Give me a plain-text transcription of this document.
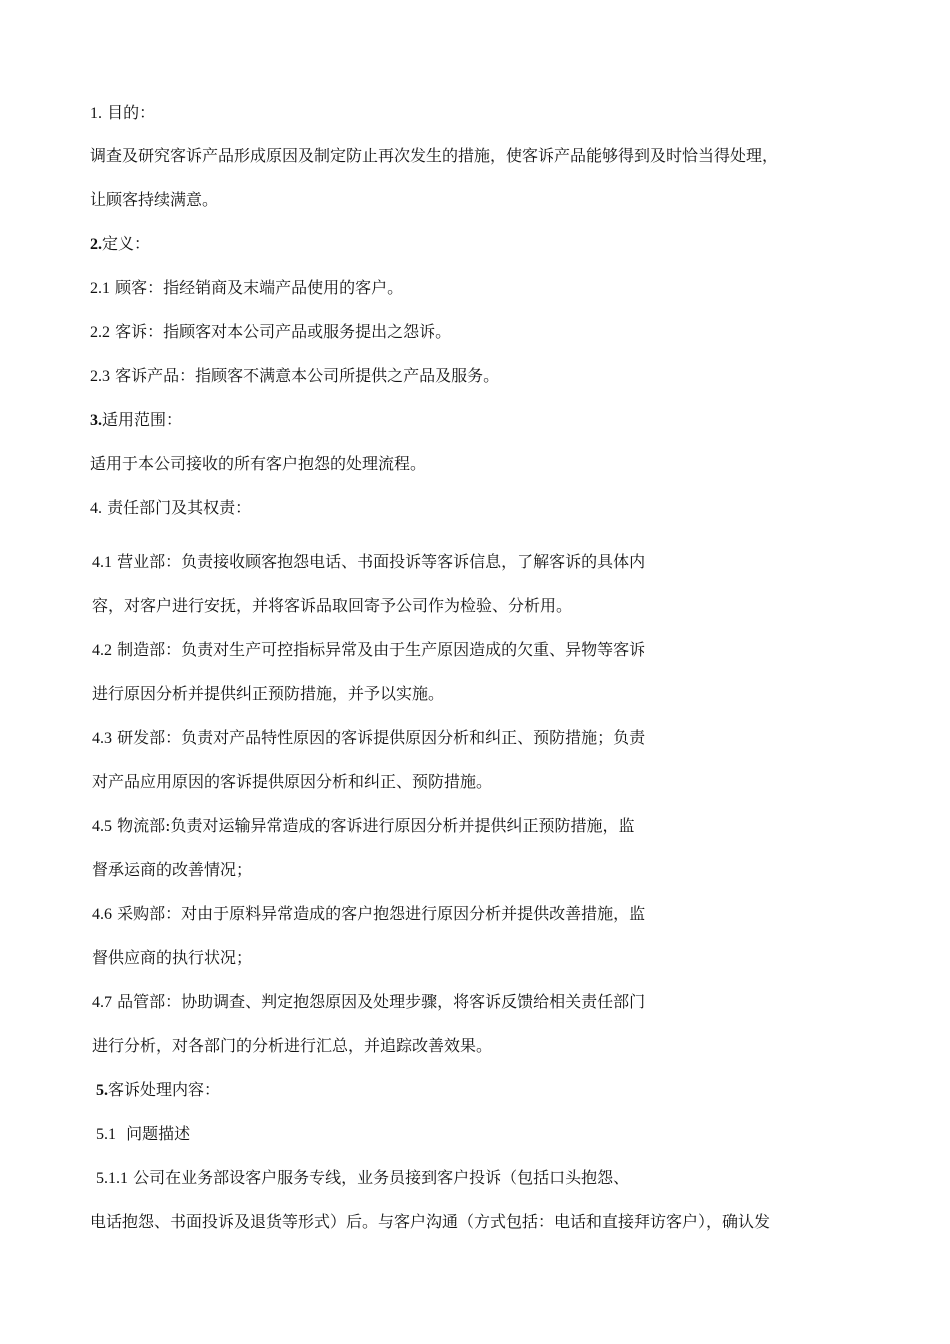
1. 目的：
调查及研究客诉产品形成原因及制定防止再次发生的措施，使客诉产品能够得到及时恰当得处理，
让顾客持续满意。
2.定义：
2.1 顾客：指经销商及末端产品使用的客户。
2.2 客诉：指顾客对本公司产品或服务提出之怨诉。
2.3 客诉产品：指顾客不满意本公司所提供之产品及服务。
3.适用范围：
适用于本公司接收的所有客户抱怨的处理流程。
4. 责任部门及其权责：
4.1 营业部：负责接收顾客抱怨电话、书面投诉等客诉信息，了解客诉的具体内
容，对客户进行安抚，并将客诉品取回寄予公司作为检验、分析用。
4.2 制造部：负责对生产可控指标异常及由于生产原因造成的欠重、异物等客诉
进行原因分析并提供纠正预防措施，并予以实施。
4.3 研发部：负责对产品特性原因的客诉提供原因分析和纠正、预防措施；负责
对产品应用原因的客诉提供原因分析和纠正、预防措施。
4.5 物流部:负责对运输异常造成的客诉进行原因分析并提供纠正预防措施，监
督承运商的改善情况；
4.6 采购部：对由于原料异常造成的客户抱怨进行原因分析并提供改善措施，监
督供应商的执行状况；
4.7 品管部：协助调查、判定抱怨原因及处理步骤，将客诉反馈给相关责任部门
进行分析，对各部门的分析进行汇总，并追踪改善效果。
5.客诉处理内容：
5.1 问题描述
5.1.1 公司在业务部设客户服务专线，业务员接到客户投诉（包括口头抱怨、
电话抱怨、书面投诉及退货等形式）后。与客户沟通（方式包括：电话和直接拜访客户），确认发
